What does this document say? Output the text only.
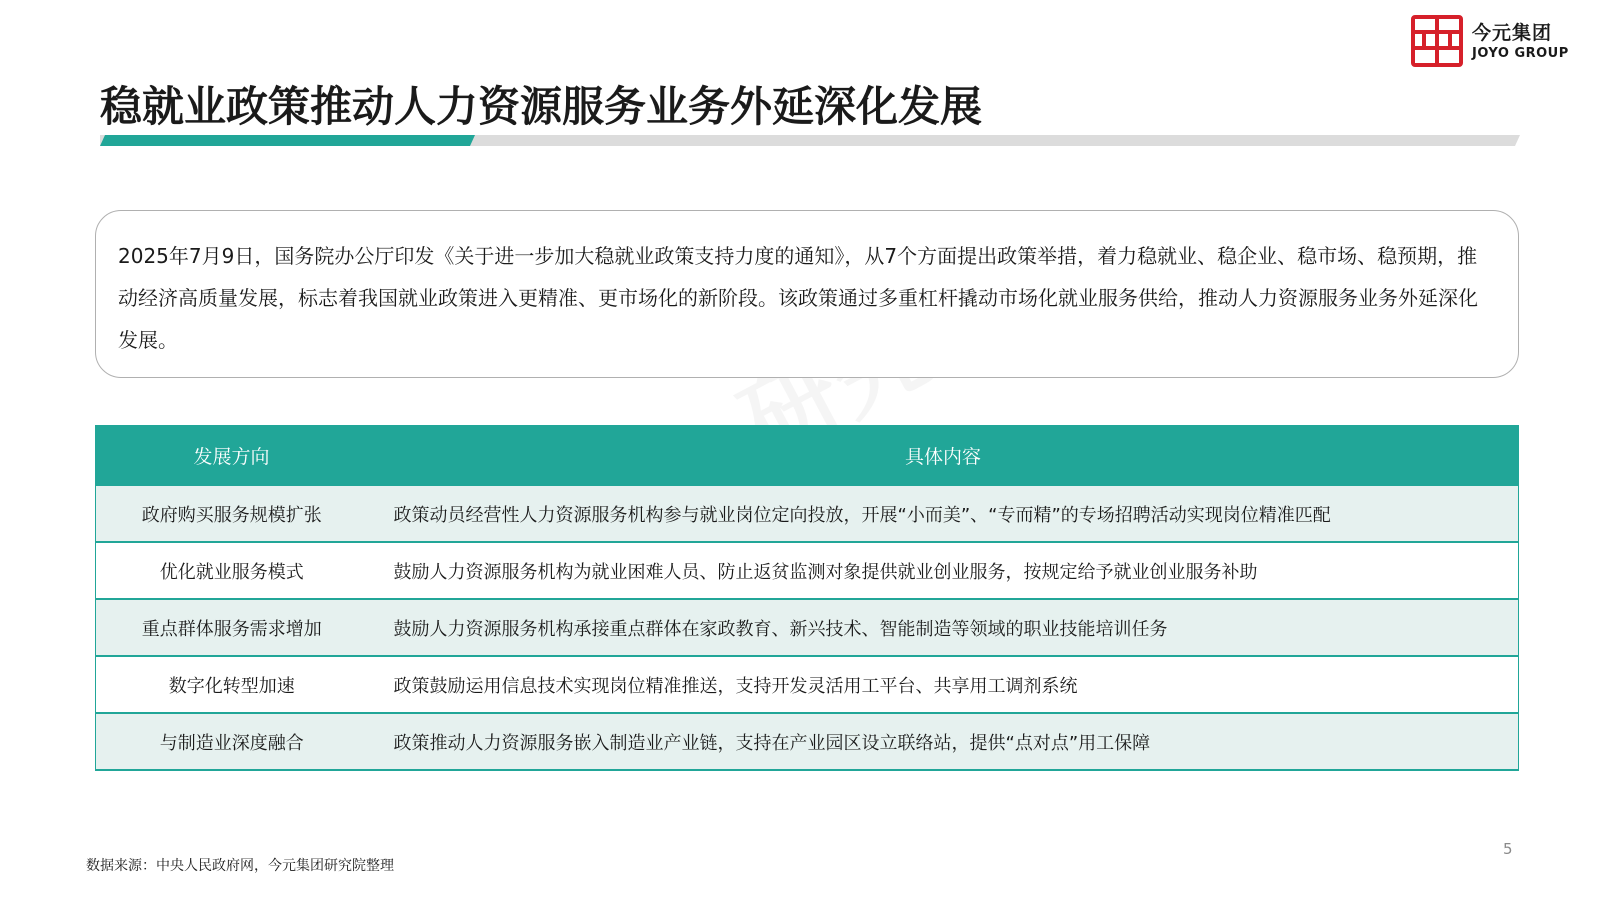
今元集团
JOYO GROUP
稳就业政策推动人力资源服务业务外延深化发展

2025年7月9日，国务院办公厅印发《关于进一步加大稳就业政策支持力度的通知》，从7个方面提出政策举措，着力稳就业、稳企业、稳市场、稳预期，推动经济高质量发展，标志着我国就业政策进入更精准、更市场化的新阶段。该政策通过多重杠杆撬动市场化就业服务供给，推动人力资源服务业务外延深化发展。

发展方向	具体内容
政府购买服务规模扩张	政策动员经营性人力资源服务机构参与就业岗位定向投放，开展“小而美”、“专而精”的专场招聘活动实现岗位精准匹配
优化就业服务模式	鼓励人力资源服务机构为就业困难人员、防止返贫监测对象提供就业创业服务，按规定给予就业创业服务补助
重点群体服务需求增加	鼓励人力资源服务机构承接重点群体在家政教育、新兴技术、智能制造等领域的职业技能培训任务
数字化转型加速	政策鼓励运用信息技术实现岗位精准推送，支持开发灵活用工平台、共享用工调剂系统
与制造业深度融合	政策推动人力资源服务嵌入制造业产业链，支持在产业园区设立联络站，提供“点对点”用工保障
数据来源：中央人民政府网，今元集团研究院整理
5
